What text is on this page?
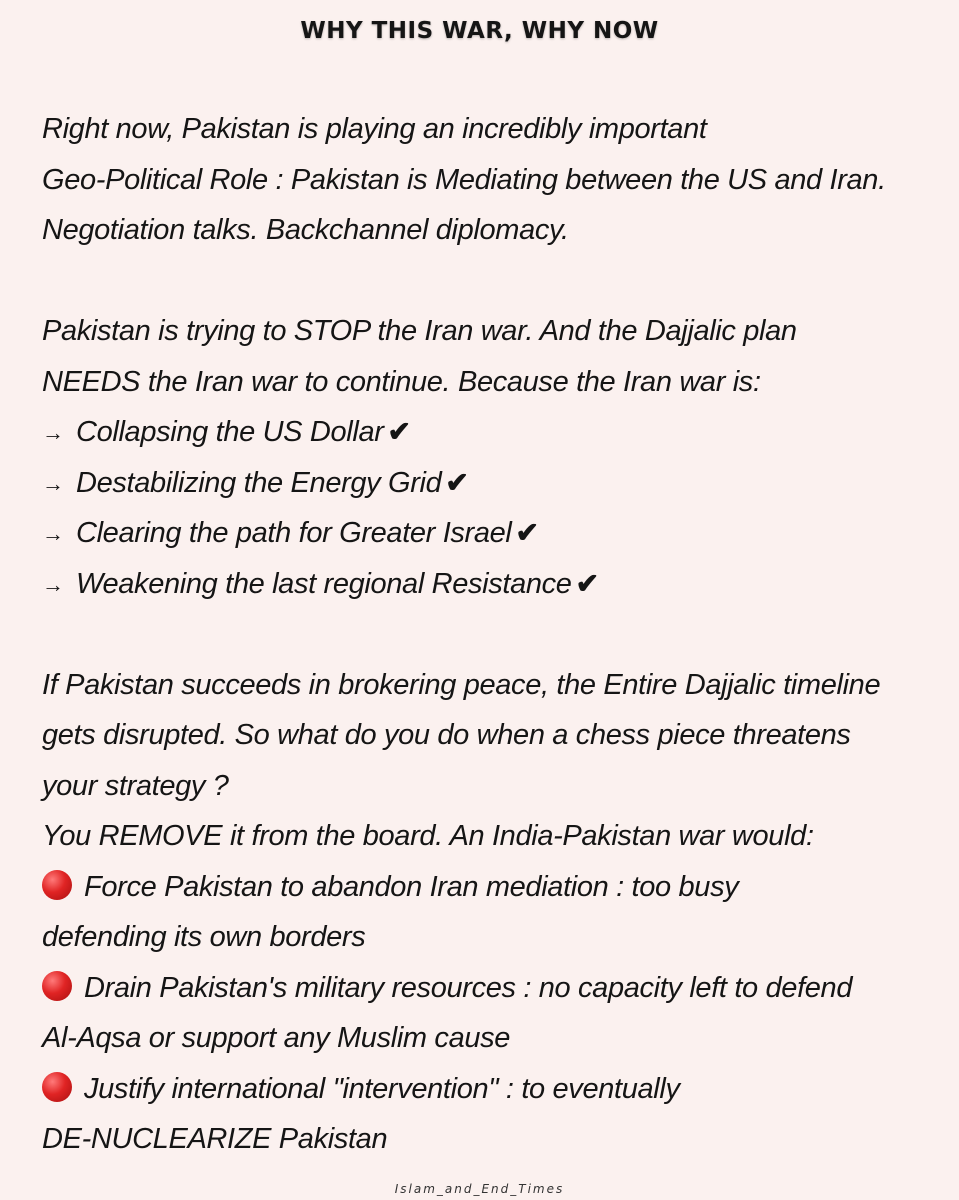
WHY THIS WAR, WHY NOW
Right now, Pakistan is playing an incredibly important
Geo-Political Role : Pakistan is Mediating between the US and Iran.
Negotiation talks. Backchannel diplomacy.
Pakistan is trying to STOP the Iran war. And the Dajjalic plan
NEEDS the Iran war to continue. Because the Iran war is:
→ Collapsing the US Dollar ✔
→ Destabilizing the Energy Grid ✔
→ Clearing the path for Greater Israel ✔
→ Weakening the last regional Resistance ✔
If Pakistan succeeds in brokering peace, the Entire Dajjalic timeline
gets disrupted. So what do you do when a chess piece threatens
your strategy ?
You REMOVE it from the board. An India-Pakistan war would:
Force Pakistan to abandon Iran mediation : too busy
defending its own borders
Drain Pakistan's military resources : no capacity left to defend
Al-Aqsa or support any Muslim cause
Justify international "intervention" : to eventually
DE-NUCLEARIZE Pakistan
Islam_and_End_Times
